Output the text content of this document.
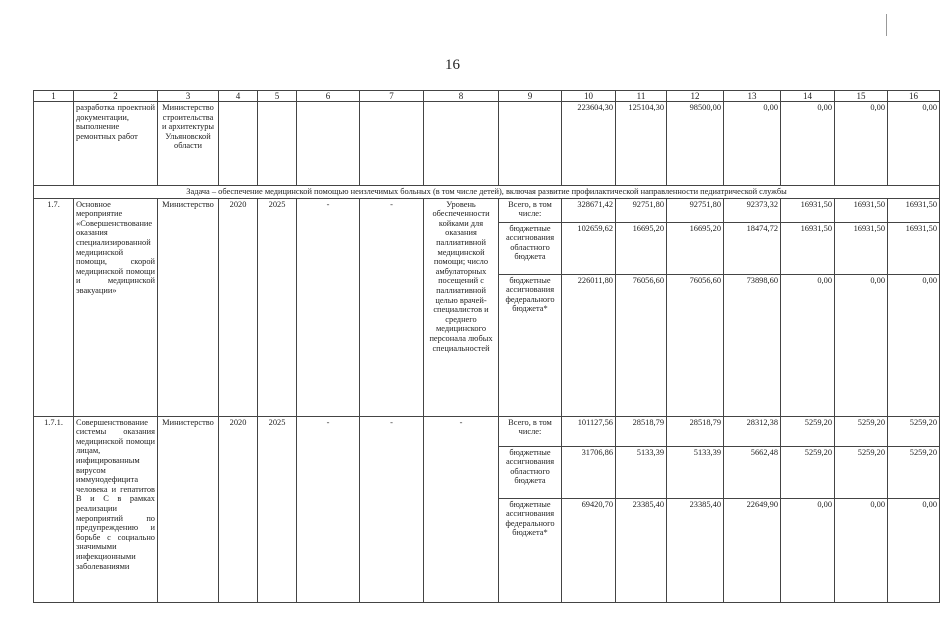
16
1	2	3	4	5	6	7	8	9	10	11	12	13	14	15	16
	разработка проектной документации, выполнение ремонтных работ	Министерство строительства и архитектуры Ульяновской области							223604,30	125104,30	98500,00	0,00	0,00	0,00	0,00
Задача – обеспечение медицинской помощью неизлечимых больных (в том числе детей), включая развитие профилактической направленности педиатрической службы															
1.7.	Основное мероприятие «Совершенствование оказания специализированной медицинской помощи, скорой медицинской помощи и медицинской эвакуации»	Министерство	2020	2025	-	-	Уровень обеспеченности койками для оказания паллиативной медицинской помощи; число амбулаторных посещений с паллиативной целью врачей-специалистов и среднего медицинского персонала любых специальностей	Всего, в том числе:	328671,42	92751,80	92751,80	92373,32	16931,50	16931,50	16931,50
								бюджетные ассигнования областного бюджета	102659,62	16695,20	16695,20	18474,72	16931,50	16931,50	16931,50
								бюджетные ассигнования федерального бюджета*	226011,80	76056,60	76056,60	73898,60	0,00	0,00	0,00
1.7.1.	Совершенствование системы оказания медицинской помощи лицам, инфицированным вирусом иммунодефицита человека и гепатитов В и С в рамках реализации мероприятий по предупреждению и борьбе с социально значимыми инфекционными заболеваниями	Министерство	2020	2025	-	-	-	Всего, в том числе:	101127,56	28518,79	28518,79	28312,38	5259,20	5259,20	5259,20
								бюджетные ассигнования областного бюджета	31706,86	5133,39	5133,39	5662,48	5259,20	5259,20	5259,20
								бюджетные ассигнования федерального бюджета*	69420,70	23385,40	23385,40	22649,90	0,00	0,00	0,00
